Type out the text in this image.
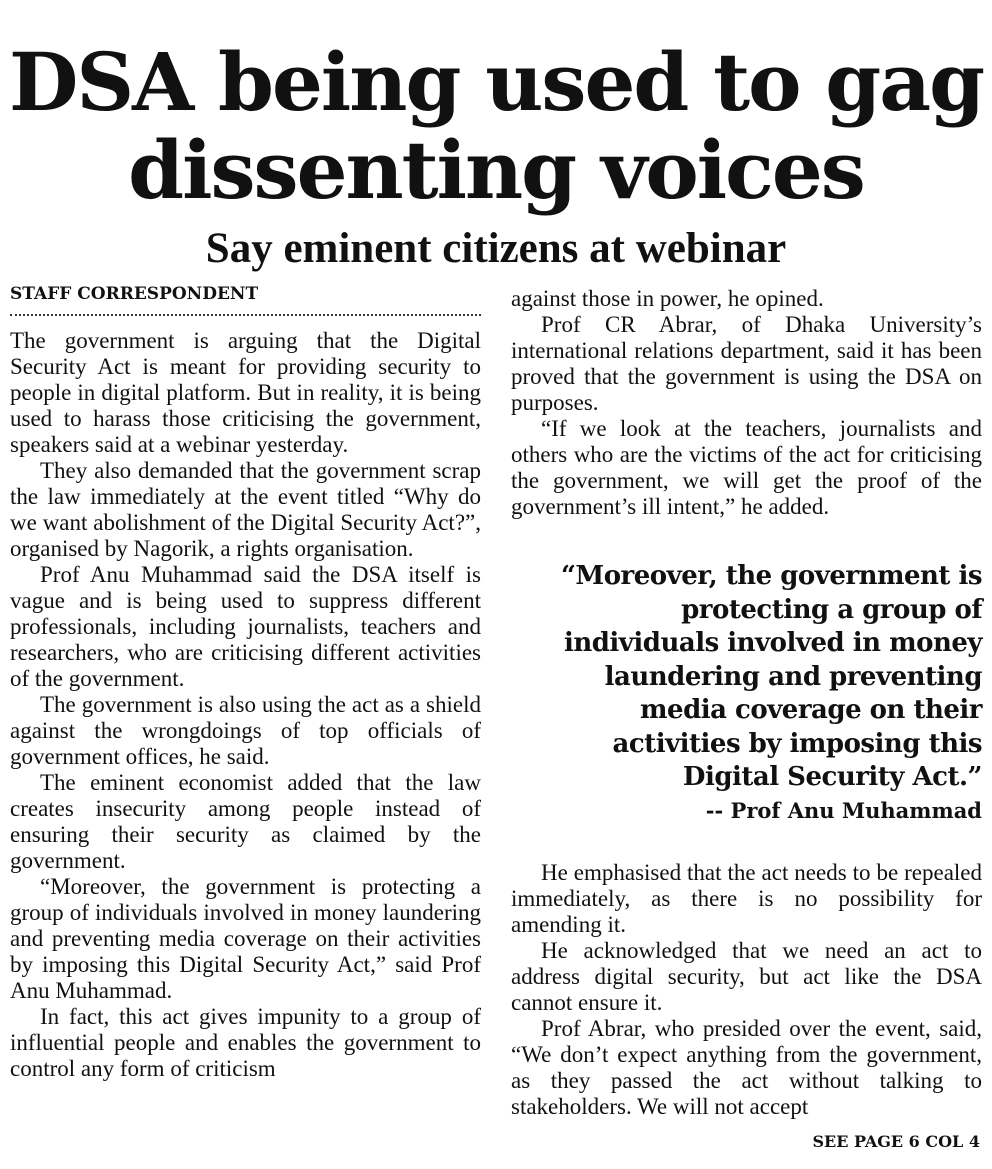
DSA being used to gag dissenting voices
Say eminent citizens at webinar
STAFF CORRESPONDENT

The government is arguing that the Digital Security Act is meant for providing security to people in digital platform. But in reality, it is being used to harass those criticising the government, speakers said at a webinar yesterday.

They also demanded that the government scrap the law immediately at the event titled “Why do we want abolishment of the Digital Security Act?”, organised by Nagorik, a rights organisation.

Prof Anu Muhammad said the DSA itself is vague and is being used to suppress different professionals, including journalists, teachers and researchers, who are criticising different activities of the government.

The government is also using the act as a shield against the wrongdoings of top officials of government offices, he said.

The eminent economist added that the law creates insecurity among people instead of ensuring their security as claimed by the government.

“Moreover, the government is protecting a group of individuals involved in money laundering and preventing media coverage on their activities by imposing this Digital Security Act,” said Prof Anu Muhammad.

In fact, this act gives impunity to a group of influential people and enables the government to control any form of criticism

against those in power, he opined.

Prof CR Abrar, of Dhaka University’s international relations department, said it has been proved that the government is using the DSA on purposes.

“If we look at the teachers, journalists and others who are the victims of the act for criticising the government, we will get the proof of the government’s ill intent,” he added.

“Moreover, the government is protecting a group of individuals involved in money laundering and preventing media coverage on their activities by imposing this Digital Security Act.”
-- Prof Anu Muhammad

He emphasised that the act needs to be repealed immediately, as there is no possibility for amending it.

He acknowledged that we need an act to address digital security, but act like the DSA cannot ensure it.

Prof Abrar, who presided over the event, said, “We don’t expect anything from the government, as they passed the act without talking to stakeholders. We will not accept

SEE PAGE 6 COL 4
